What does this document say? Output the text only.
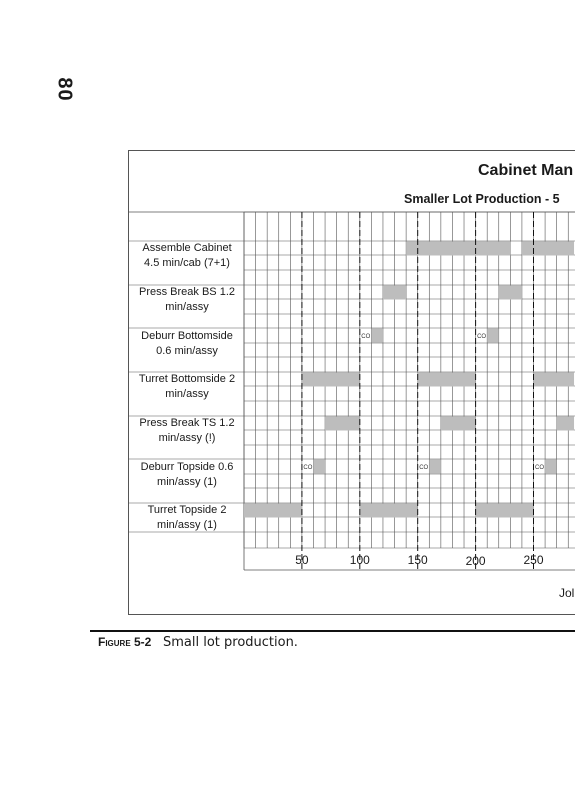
80
Cabinet Man
Smaller Lot Production - 5
Assemble Cabinet
4.5 min/cab (7+1)
Press Break BS 1.2
min/assy
Deburr Bottomside
0.6 min/assy
Turret Bottomside 2
min/assy
Press Break TS 1.2
min/assy (!)
Deburr Topside 0.6
min/assy (1)
Turret Topside 2
min/assy (1)
CO	CO
CO	CO	CO
50	100	150	200	250
Jol
Figure 5-2 Small lot production.
